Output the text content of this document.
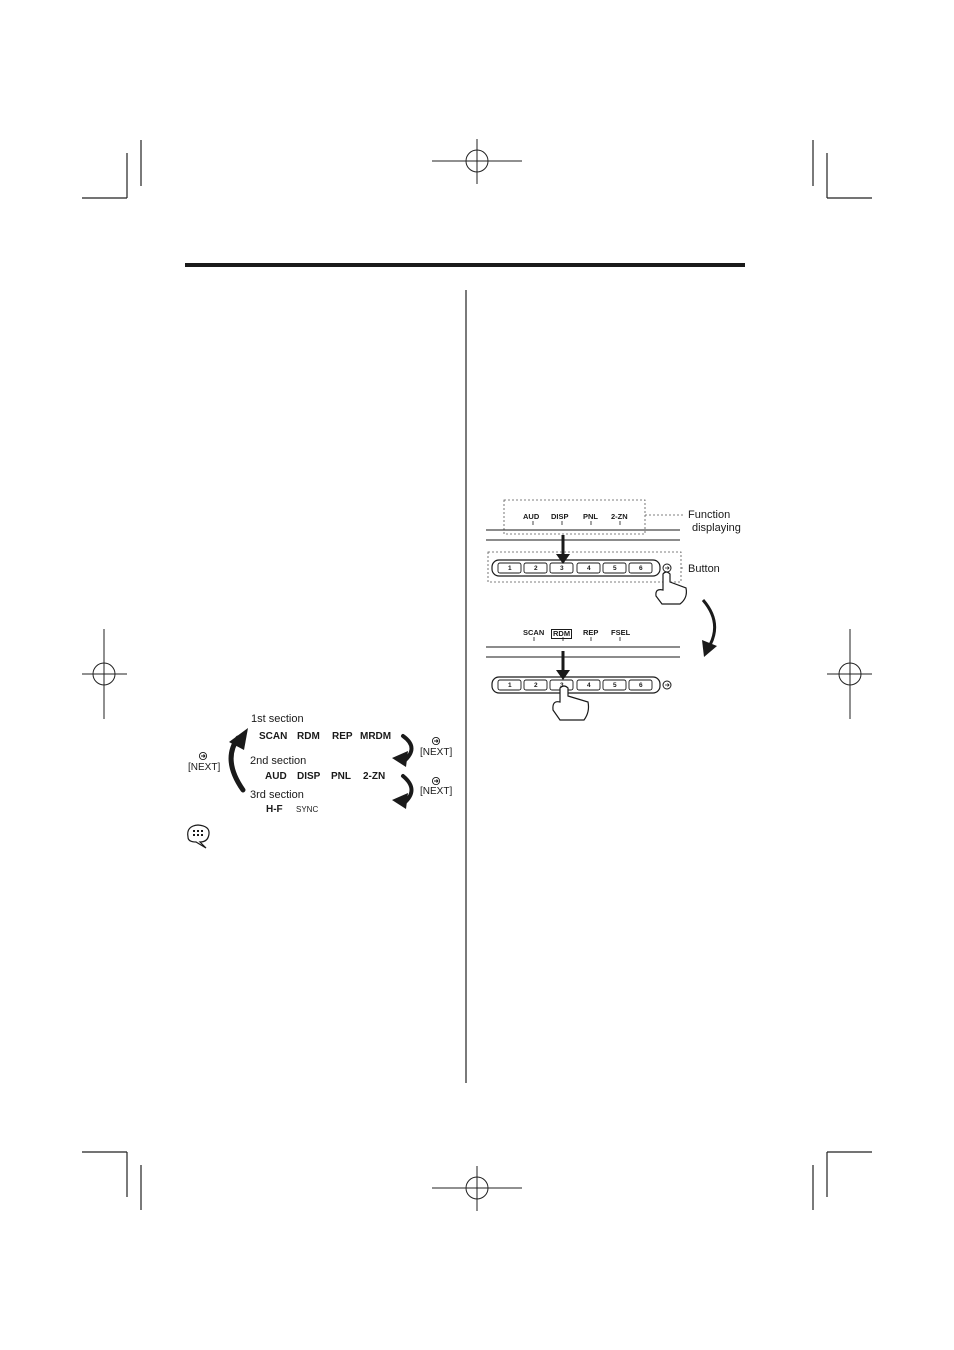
1st section
SCAN RDM REP MRDM
2nd section
AUD DISP PNL 2-ZN
3rd section
H-F SYNC
[NEXT]
[NEXT]
[NEXT]
AUD DISP PNL 2-ZN	Function
displaying
Button
1	2	3	4	5	6
SCAN RDM REP FSEL
1	2	3	4	5	6
